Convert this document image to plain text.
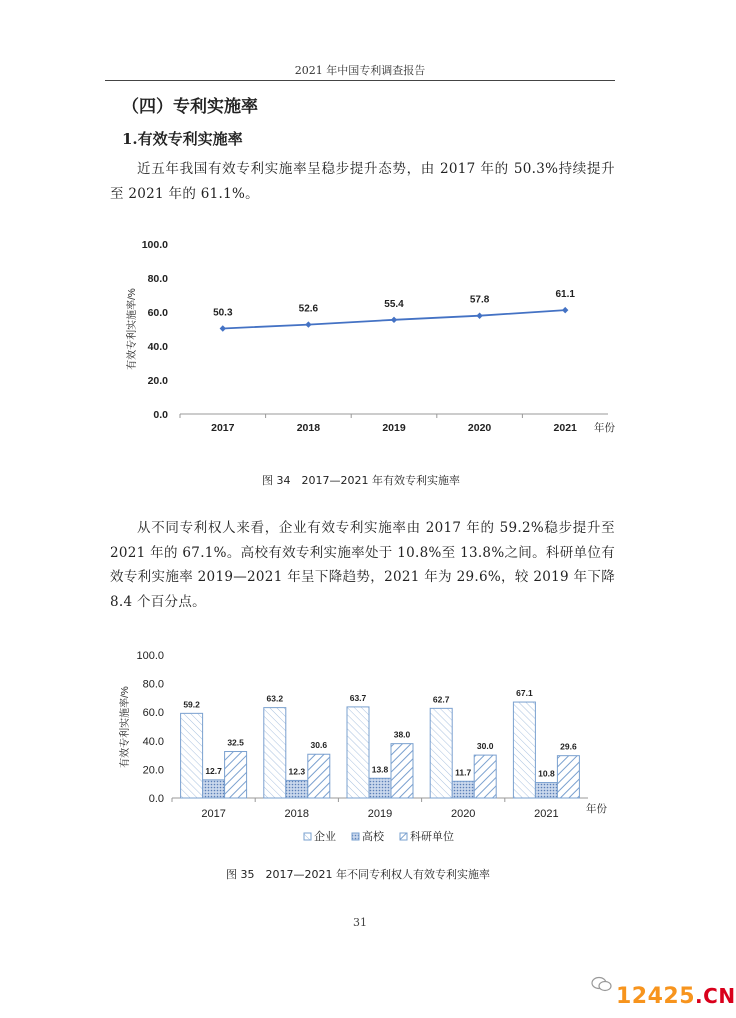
2021 年中国专利调查报告
（四）专利实施率
1.有效专利实施率
近五年我国有效专利实施率呈稳步提升态势，由 2017 年的 50.3%持续提升至 2021 年的 61.1%。
有效专利实施率/%
0.0
20.0
40.0
60.0
80.0
100.0
2017	2018	2019	2020	2021 年份
50.3	52.6	55.4	57.8
61.1
图 34　2017—2021 年有效专利实施率
从不同专利权人来看，企业有效专利实施率由 2017 年的 59.2%稳步提升至 2021 年的 67.1%。高校有效专利实施率处于 10.8%至 13.8%之间。科研单位有效专利实施率 2019—2021 年呈下降趋势，2021 年为 29.6%，较 2019 年下降 8.4 个百分点。
有效专利实施率/%
0.0
20.0
40.0
60.0
80.0
100.0
59.2
12.7
32.5
63.2
12.3
30.6
63.7
13.8
38.0
62.7
11.7
30.0
67.1
10.8
29.6
2017	2018	2019	2020	2021	年份
企业 高校 科研单位
图 35　2017—2021 年不同专利权人有效专利实施率
31
12425.CN
